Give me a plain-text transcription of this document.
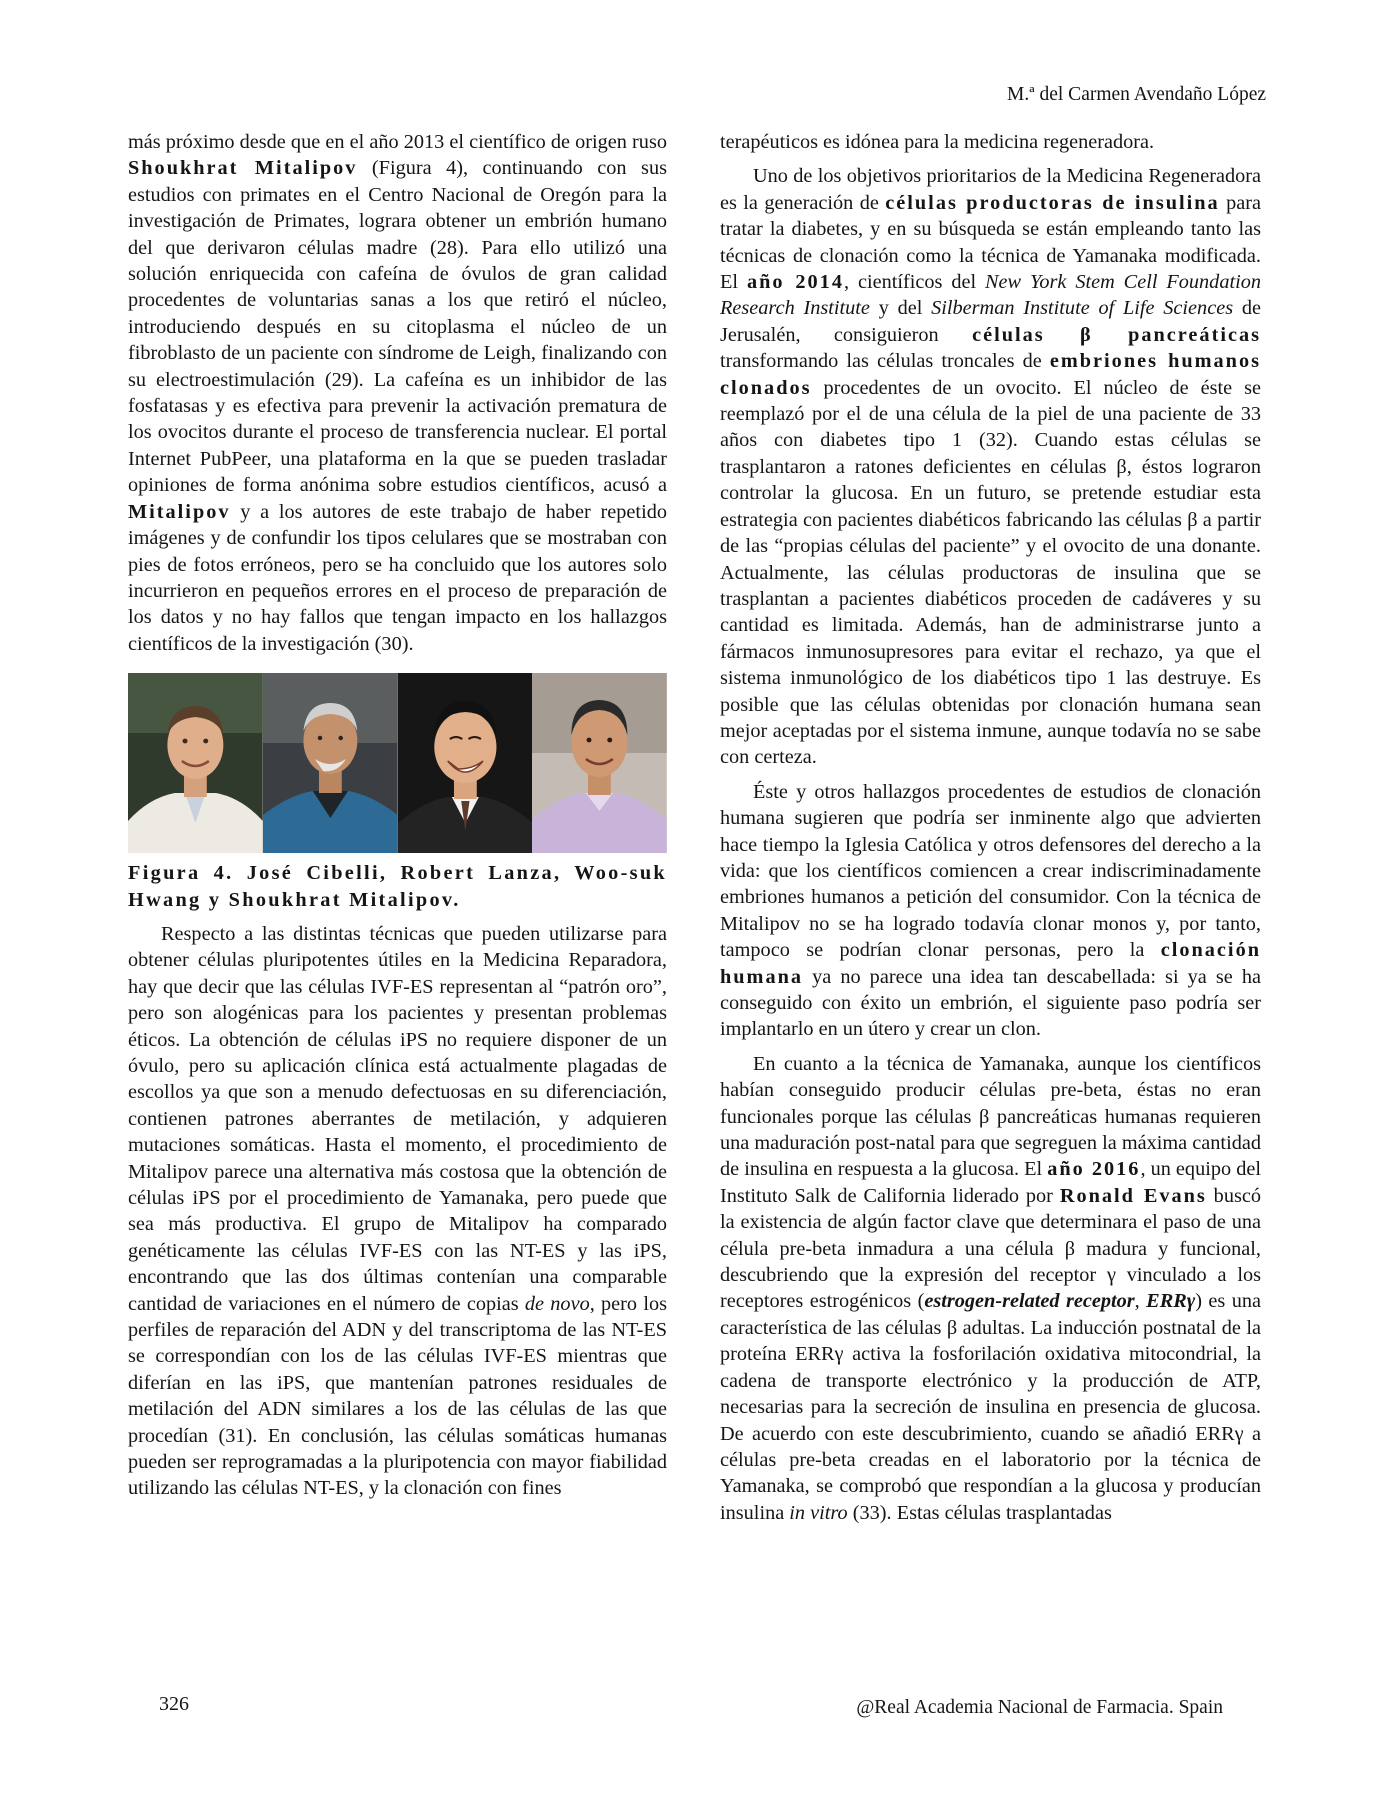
M.ª del Carmen Avendaño López

más próximo desde que en el año 2013 el científico de origen ruso Shoukhrat Mitalipov (Figura 4), continuando con sus estudios con primates en el Centro Nacional de Oregón para la investigación de Primates, lograra obtener un embrión humano del que derivaron células madre (28). Para ello utilizó una solución enriquecida con cafeína de óvulos de gran calidad procedentes de voluntarias sanas a los que retiró el núcleo, introduciendo después en su citoplasma el núcleo de un fibroblasto de un paciente con síndrome de Leigh, finalizando con su electroestimulación (29). La cafeína es un inhibidor de las fosfatasas y es efectiva para prevenir la activación prematura de los ovocitos durante el proceso de transferencia nuclear. El portal Internet PubPeer, una plataforma en la que se pueden trasladar opiniones de forma anónima sobre estudios científicos, acusó a Mitalipov y a los autores de este trabajo de haber repetido imágenes y de confundir los tipos celulares que se mostraban con pies de fotos erróneos, pero se ha concluido que los autores solo incurrieron en pequeños errores en el proceso de preparación de los datos y no hay fallos que tengan impacto en los hallazgos científicos de la investigación (30).

Figura 4. José Cibelli, Robert Lanza, Woo-suk Hwang y Shoukhrat Mitalipov.

Respecto a las distintas técnicas que pueden utilizarse para obtener células pluripotentes útiles en la Medicina Reparadora, hay que decir que las células IVF-ES representan al “patrón oro”, pero son alogénicas para los pacientes y presentan problemas éticos. La obtención de células iPS no requiere disponer de un óvulo, pero su aplicación clínica está actualmente plagadas de escollos ya que son a menudo defectuosas en su diferenciación, contienen patrones aberrantes de metilación, y adquieren mutaciones somáticas. Hasta el momento, el procedimiento de Mitalipov parece una alternativa más costosa que la obtención de células iPS por el procedimiento de Yamanaka, pero puede que sea más productiva. El grupo de Mitalipov ha comparado genéticamente las células IVF-ES con las NT-ES y las iPS, encontrando que las dos últimas contenían una comparable cantidad de variaciones en el número de copias de novo, pero los perfiles de reparación del ADN y del transcriptoma de las NT-ES se correspondían con los de las células IVF-ES mientras que diferían en las iPS, que mantenían patrones residuales de metilación del ADN similares a los de las células de las que procedían (31). En conclusión, las células somáticas humanas pueden ser reprogramadas a la pluripotencia con mayor fiabilidad utilizando las células NT-ES, y la clonación con fines

terapéuticos es idónea para la medicina regeneradora.

Uno de los objetivos prioritarios de la Medicina Regeneradora es la generación de células productoras de insulina para tratar la diabetes, y en su búsqueda se están empleando tanto las técnicas de clonación como la técnica de Yamanaka modificada. El año 2014, científicos del New York Stem Cell Foundation Research Institute y del Silberman Institute of Life Sciences de Jerusalén, consiguieron células β pancreáticas transformando las células troncales de embriones humanos clonados procedentes de un ovocito. El núcleo de éste se reemplazó por el de una célula de la piel de una paciente de 33 años con diabetes tipo 1 (32). Cuando estas células se trasplantaron a ratones deficientes en células β, éstos lograron controlar la glucosa. En un futuro, se pretende estudiar esta estrategia con pacientes diabéticos fabricando las células β a partir de las “propias células del paciente” y el ovocito de una donante. Actualmente, las células productoras de insulina que se trasplantan a pacientes diabéticos proceden de cadáveres y su cantidad es limitada. Además, han de administrarse junto a fármacos inmunosupresores para evitar el rechazo, ya que el sistema inmunológico de los diabéticos tipo 1 las destruye. Es posible que las células obtenidas por clonación humana sean mejor aceptadas por el sistema inmune, aunque todavía no se sabe con certeza.

Éste y otros hallazgos procedentes de estudios de clonación humana sugieren que podría ser inminente algo que advierten hace tiempo la Iglesia Católica y otros defensores del derecho a la vida: que los científicos comiencen a crear indiscriminadamente embriones humanos a petición del consumidor. Con la técnica de Mitalipov no se ha logrado todavía clonar monos y, por tanto, tampoco se podrían clonar personas, pero la clonación humana ya no parece una idea tan descabellada: si ya se ha conseguido con éxito un embrión, el siguiente paso podría ser implantarlo en un útero y crear un clon.

En cuanto a la técnica de Yamanaka, aunque los científicos habían conseguido producir células pre-beta, éstas no eran funcionales porque las células β pancreáticas humanas requieren una maduración post-natal para que segreguen la máxima cantidad de insulina en respuesta a la glucosa. El año 2016, un equipo del Instituto Salk de California liderado por Ronald Evans buscó la existencia de algún factor clave que determinara el paso de una célula pre-beta inmadura a una célula β madura y funcional, descubriendo que la expresión del receptor γ vinculado a los receptores estrogénicos (estrogen-related receptor, ERRγ) es una característica de las células β adultas. La inducción postnatal de la proteína ERRγ activa la fosforilación oxidativa mitocondrial, la cadena de transporte electrónico y la producción de ATP, necesarias para la secreción de insulina en presencia de glucosa. De acuerdo con este descubrimiento, cuando se añadió ERRγ a células pre-beta creadas en el laboratorio por la técnica de Yamanaka, se comprobó que respondían a la glucosa y producían insulina in vitro (33). Estas células trasplantadas

326	@Real Academia Nacional de Farmacia. Spain
